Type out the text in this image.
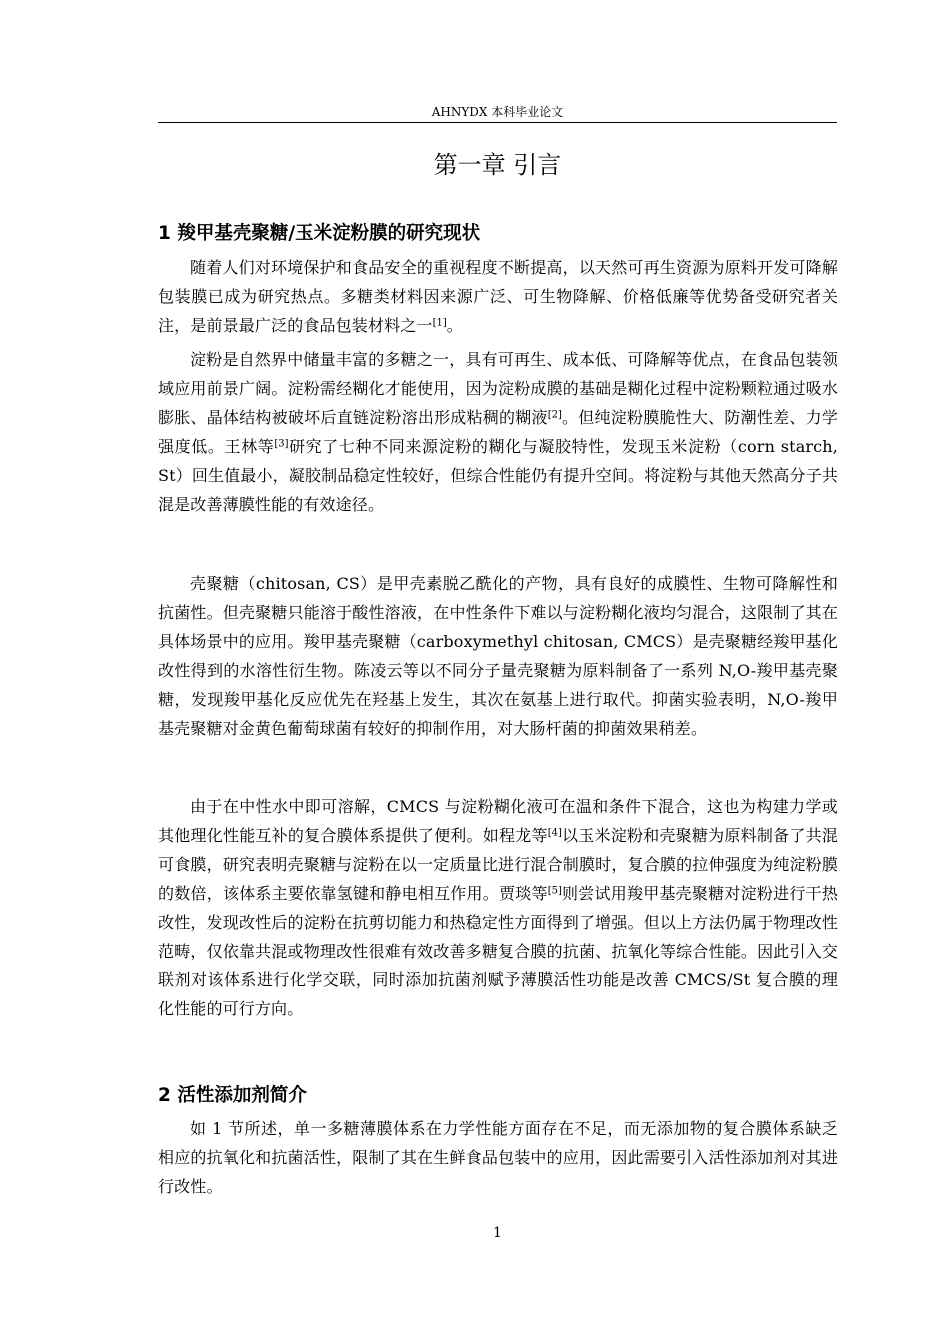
AHNYDX 本科毕业论文
第一章 引言
1 羧甲基壳聚糖/玉米淀粉膜的研究现状
随着人们对环境保护和食品安全的重视程度不断提高，以天然可再生资源为原料开发可降解包装膜已成为研究热点。多糖类材料因来源广泛、可生物降解、价格低廉等优势备受研究者关注，是前景最广泛的食品包装材料之一[1]。
淀粉是自然界中储量丰富的多糖之一，具有可再生、成本低、可降解等优点，在食品包装领域应用前景广阔。淀粉需经糊化才能使用，因为淀粉成膜的基础是糊化过程中淀粉颗粒通过吸水膨胀、晶体结构被破坏后直链淀粉溶出形成粘稠的糊液[2]。但纯淀粉膜脆性大、防潮性差、力学强度低。王林等[3]研究了七种不同来源淀粉的糊化与凝胶特性，发现玉米淀粉（corn starch, St）回生值最小，凝胶制品稳定性较好，但综合性能仍有提升空间。将淀粉与其他天然高分子共混是改善薄膜性能的有效途径。
壳聚糖（chitosan, CS）是甲壳素脱乙酰化的产物，具有良好的成膜性、生物可降解性和抗菌性。但壳聚糖只能溶于酸性溶液，在中性条件下难以与淀粉糊化液均匀混合，这限制了其在具体场景中的应用。羧甲基壳聚糖（carboxymethyl chitosan, CMCS）是壳聚糖经羧甲基化改性得到的水溶性衍生物。陈凌云等以不同分子量壳聚糖为原料制备了一系列 N,O-羧甲基壳聚糖，发现羧甲基化反应优先在羟基上发生，其次在氨基上进行取代。抑菌实验表明，N,O-羧甲基壳聚糖对金黄色葡萄球菌有较好的抑制作用，对大肠杆菌的抑菌效果稍差。
由于在中性水中即可溶解，CMCS 与淀粉糊化液可在温和条件下混合，这也为构建力学或其他理化性能互补的复合膜体系提供了便利。如程龙等[4]以玉米淀粉和壳聚糖为原料制备了共混可食膜，研究表明壳聚糖与淀粉在以一定质量比进行混合制膜时，复合膜的拉伸强度为纯淀粉膜的数倍，该体系主要依靠氢键和静电相互作用。贾琰等[5]则尝试用羧甲基壳聚糖对淀粉进行干热改性，发现改性后的淀粉在抗剪切能力和热稳定性方面得到了增强。但以上方法仍属于物理改性范畴，仅依靠共混或物理改性很难有效改善多糖复合膜的抗菌、抗氧化等综合性能。因此引入交联剂对该体系进行化学交联，同时添加抗菌剂赋予薄膜活性功能是改善 CMCS/St 复合膜的理化性能的可行方向。
2 活性添加剂简介
如 1 节所述，单一多糖薄膜体系在力学性能方面存在不足，而无添加物的复合膜体系缺乏相应的抗氧化和抗菌活性，限制了其在生鲜食品包装中的应用，因此需要引入活性添加剂对其进行改性。
1
